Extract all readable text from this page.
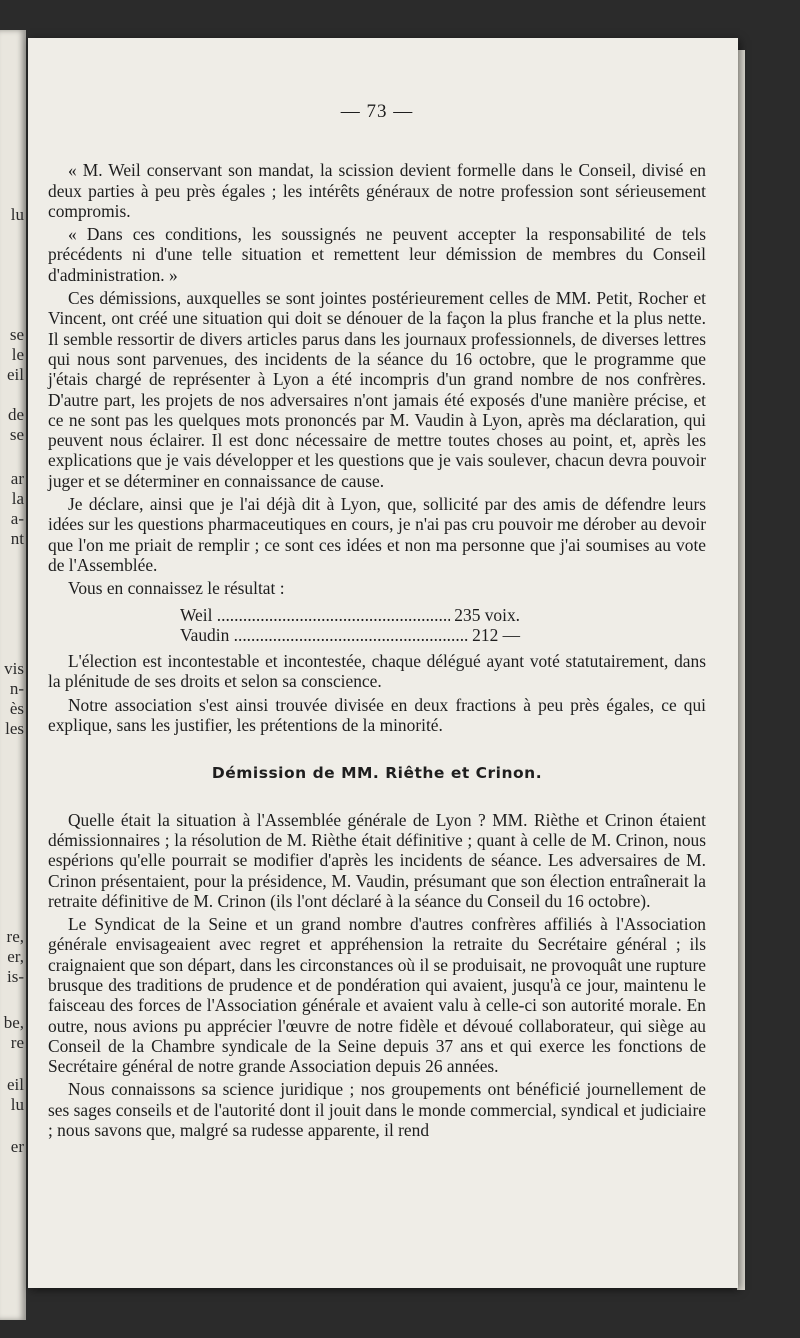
lu
se
le
eil
de
se
ar
la
a-
nt
vis
n-
ès
les
re,
er,
is-
be,
re
eil
lu
er
— 73 —

« M. Weil conservant son mandat, la scission devient formelle dans le Conseil, divisé en deux parties à peu près égales ; les intérêts généraux de notre profession sont sérieusement compromis.

« Dans ces conditions, les soussignés ne peuvent accepter la responsabilité de tels précédents ni d'une telle situation et remettent leur démission de membres du Conseil d'administration. »

Ces démissions, auxquelles se sont jointes postérieurement celles de MM. Petit, Rocher et Vincent, ont créé une situation qui doit se dénouer de la façon la plus franche et la plus nette. Il semble ressortir de divers articles parus dans les journaux professionnels, de diverses lettres qui nous sont parvenues, des incidents de la séance du 16 octobre, que le programme que j'étais chargé de représenter à Lyon a été incompris d'un grand nombre de nos confrères. D'autre part, les projets de nos adversaires n'ont jamais été exposés d'une manière précise, et ce ne sont pas les quelques mots prononcés par M. Vaudin à Lyon, après ma déclaration, qui peuvent nous éclairer. Il est donc nécessaire de mettre toutes choses au point, et, après les explications que je vais développer et les questions que je vais soulever, chacun devra pouvoir juger et se déterminer en connaissance de cause.

Je déclare, ainsi que je l'ai déjà dit à Lyon, que, sollicité par des amis de défendre leurs idées sur les questions pharmaceutiques en cours, je n'ai pas cru pouvoir me dérober au devoir que l'on me priait de remplir ; ce sont ces idées et non ma personne que j'ai soumises au vote de l'Assemblée.

Vous en connaissez le résultat :

Weil .....	235 voix.
Vaudin .....	212 —

L'élection est incontestable et incontestée, chaque délégué ayant voté statutairement, dans la plénitude de ses droits et selon sa conscience.

Notre association s'est ainsi trouvée divisée en deux fractions à peu près égales, ce qui explique, sans les justifier, les prétentions de la minorité.

Démission de MM. Riêthe et Crinon.

Quelle était la situation à l'Assemblée générale de Lyon ? MM. Rièthe et Crinon étaient démissionnaires ; la résolution de M. Rièthe était définitive ; quant à celle de M. Crinon, nous espérions qu'elle pourrait se modifier d'après les incidents de séance. Les adversaires de M. Crinon présentaient, pour la présidence, M. Vaudin, présumant que son élection entraînerait la retraite définitive de M. Crinon (ils l'ont déclaré à la séance du Conseil du 16 octobre).

Le Syndicat de la Seine et un grand nombre d'autres confrères affiliés à l'Association générale envisageaient avec regret et appréhension la retraite du Secrétaire général ; ils craignaient que son départ, dans les circonstances où il se produisait, ne provoquât une rupture brusque des traditions de prudence et de pondération qui avaient, jusqu'à ce jour, maintenu le faisceau des forces de l'Association générale et avaient valu à celle-ci son autorité morale. En outre, nous avions pu apprécier l'œuvre de notre fidèle et dévoué collaborateur, qui siège au Conseil de la Chambre syndicale de la Seine depuis 37 ans et qui exerce les fonctions de Secrétaire général de notre grande Association depuis 26 années.

Nous connaissons sa science juridique ; nos groupements ont bénéficié journellement de ses sages conseils et de l'autorité dont il jouit dans le monde commercial, syndical et judiciaire ; nous savons que, malgré sa rudesse apparente, il rend
